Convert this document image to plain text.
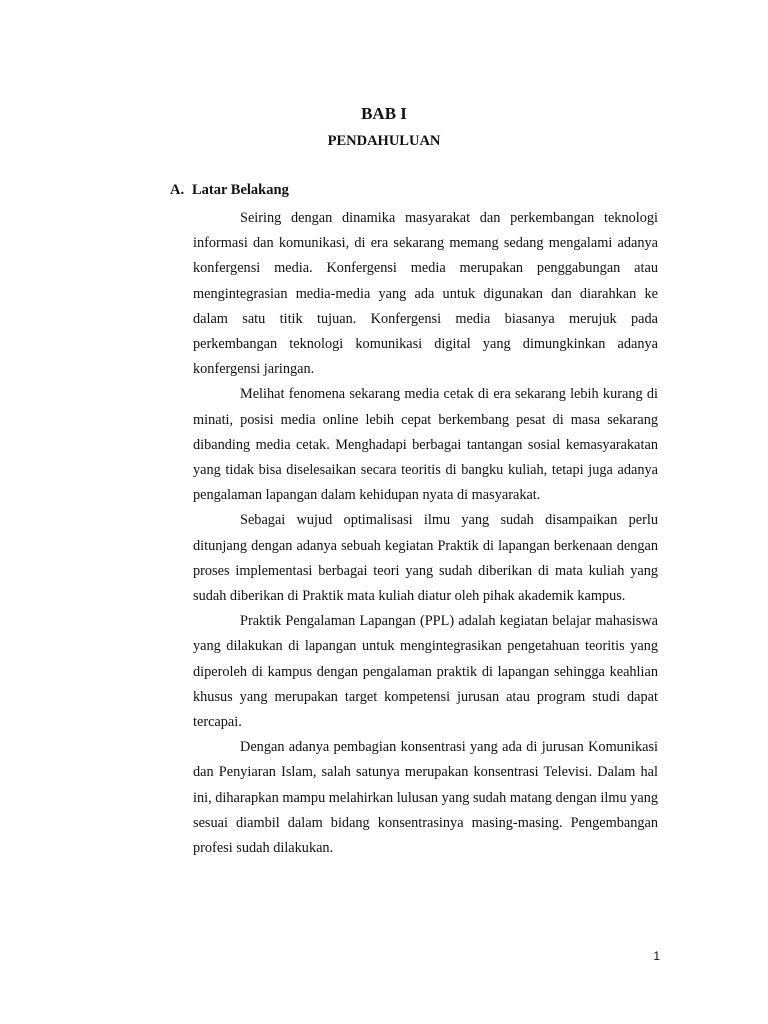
BAB I
PENDAHULUAN
A. Latar Belakang

Seiring dengan dinamika masyarakat dan perkembangan teknologi informasi dan komunikasi, di era sekarang memang sedang mengalami adanya konfergensi media. Konfergensi media merupakan penggabungan atau mengintegrasian media-media yang ada untuk digunakan dan diarahkan ke dalam satu titik tujuan. Konfergensi media biasanya merujuk pada perkembangan teknologi komunikasi digital yang dimungkinkan adanya konfergensi jaringan.

Melihat fenomena sekarang media cetak di era sekarang lebih kurang di minati, posisi media online lebih cepat berkembang pesat di masa sekarang dibanding media cetak. Menghadapi berbagai tantangan sosial kemasyarakatan yang tidak bisa diselesaikan secara teoritis di bangku kuliah, tetapi juga adanya pengalaman lapangan dalam kehidupan nyata di masyarakat.

Sebagai wujud optimalisasi ilmu yang sudah disampaikan perlu ditunjang dengan adanya sebuah kegiatan Praktik di lapangan berkenaan dengan proses implementasi berbagai teori yang sudah diberikan di mata kuliah yang sudah diberikan di Praktik mata kuliah diatur oleh pihak akademik kampus.

Praktik Pengalaman Lapangan (PPL) adalah kegiatan belajar mahasiswa yang dilakukan di lapangan untuk mengintegrasikan pengetahuan teoritis yang diperoleh di kampus dengan pengalaman praktik di lapangan sehingga keahlian khusus yang merupakan target kompetensi jurusan atau program studi dapat tercapai.

Dengan adanya pembagian konsentrasi yang ada di jurusan Komunikasi dan Penyiaran Islam, salah satunya merupakan konsentrasi Televisi. Dalam hal ini, diharapkan mampu melahirkan lulusan yang sudah matang dengan ilmu yang sesuai diambil dalam bidang konsentrasinya masing-masing. Pengembangan profesi sudah dilakukan.

1
